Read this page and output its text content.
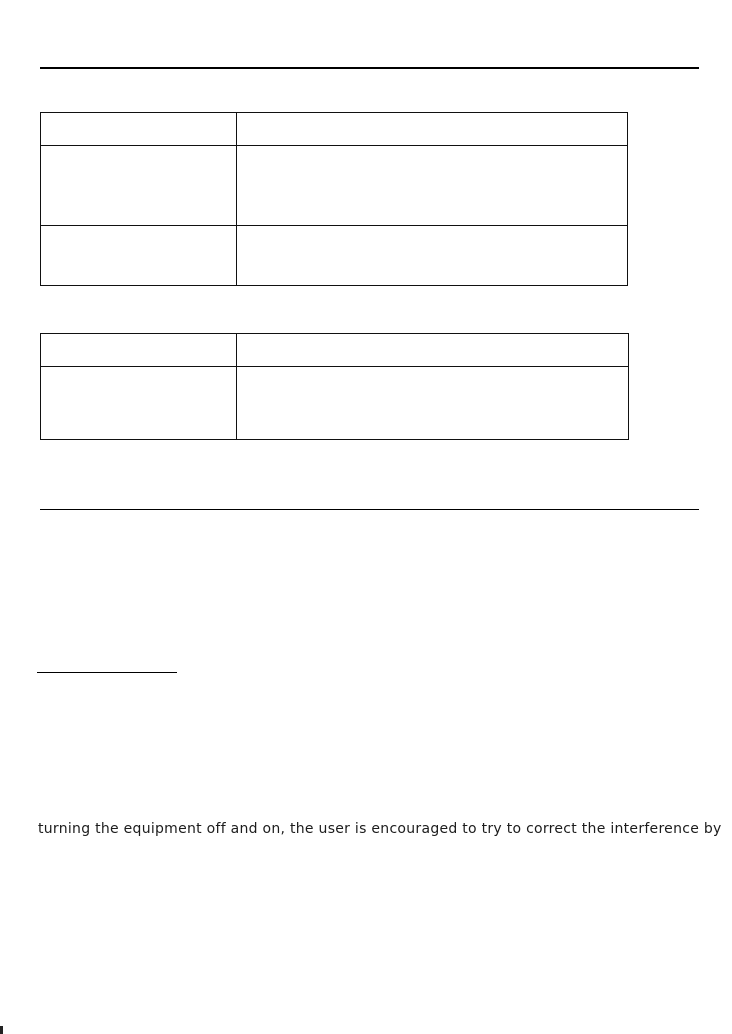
turning the equipment off and on, the user is encouraged to try to correct the interference by
